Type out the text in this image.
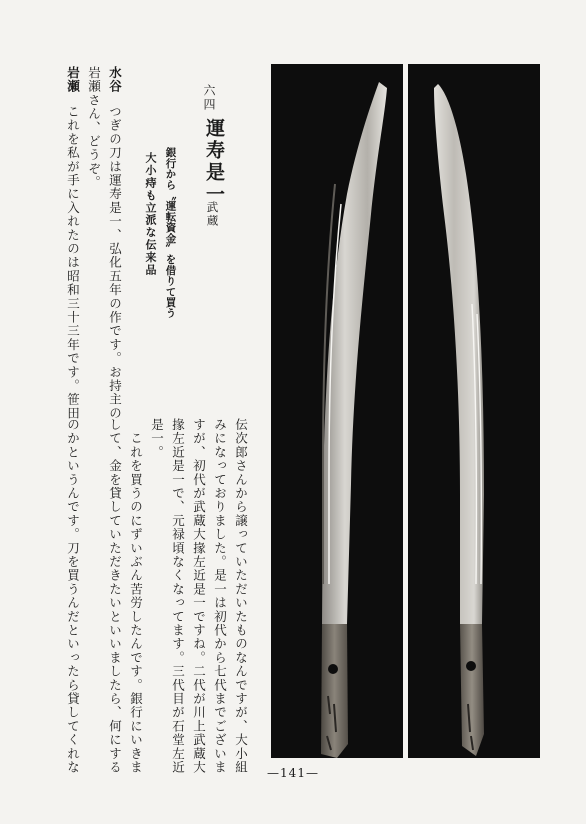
六四
運寿是一
武蔵
銀行から〝運転資金〟を借りて買う
大小痔も立派な伝来品
水谷
つぎの刀は運寿是一、弘化五年の作です。お持主の
岩瀬さん、どうぞ。
岩瀬
これを私が手に入れたのは昭和三十三年です。笹田
伝次郎さんから譲っていただいたものなんですが、大小組
みになっておりました。是一は初代から七代までございま
すが、初代が武蔵大掾左近是一ですね。二代が川上武蔵大
掾左近是一で、元禄頃なくなってます。三代目が石堂左近
是一。
　これを買うのにずいぶん苦労したんです。銀行にいきま
して、金を貸していただきたいといいましたら、何にする
のかというんです。刀を買うんだといったら貸してくれな	—141—
